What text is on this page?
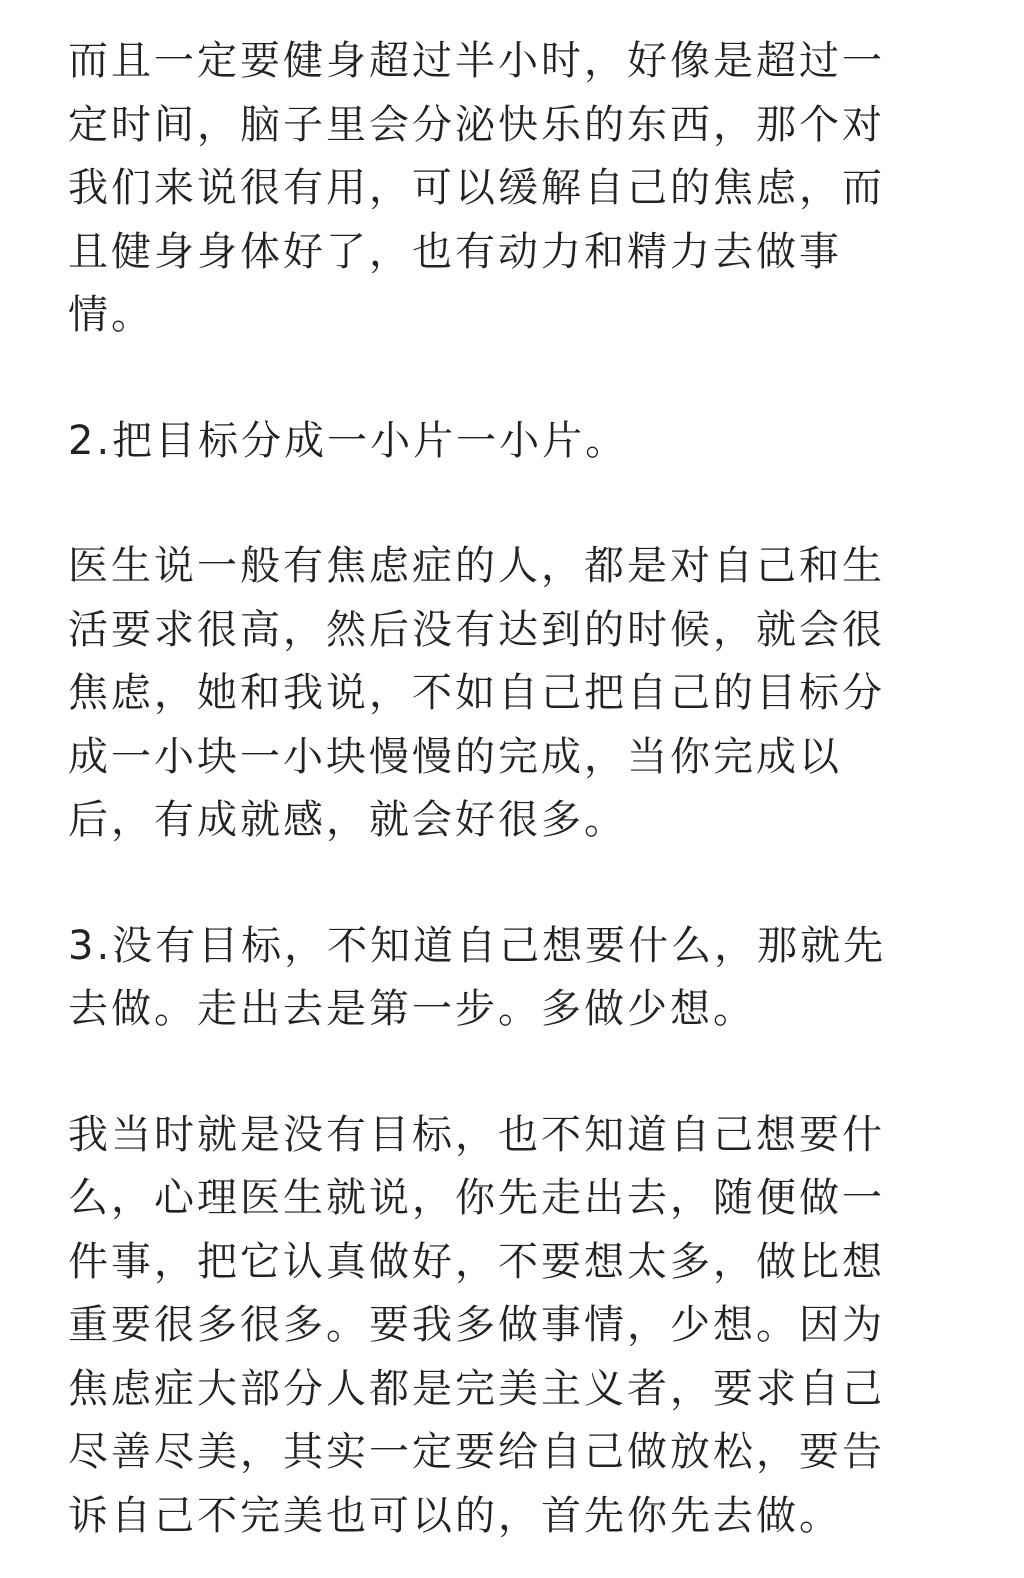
而且一定要健身超过半小时，好像是超过一
定时间，脑子里会分泌快乐的东西，那个对
我们来说很有用，可以缓解自己的焦虑，而
且健身身体好了，也有动力和精力去做事
情。
2.把目标分成一小片一小片。
医生说一般有焦虑症的人，都是对自己和生
活要求很高，然后没有达到的时候，就会很
焦虑，她和我说，不如自己把自己的目标分
成一小块一小块慢慢的完成，当你完成以
后，有成就感，就会好很多。
3.没有目标，不知道自己想要什么，那就先
去做。走出去是第一步。多做少想。
我当时就是没有目标，也不知道自己想要什
么，心理医生就说，你先走出去，随便做一
件事，把它认真做好，不要想太多，做比想
重要很多很多。要我多做事情，少想。因为
焦虑症大部分人都是完美主义者，要求自己
尽善尽美，其实一定要给自己做放松，要告
诉自己不完美也可以的，首先你先去做。
